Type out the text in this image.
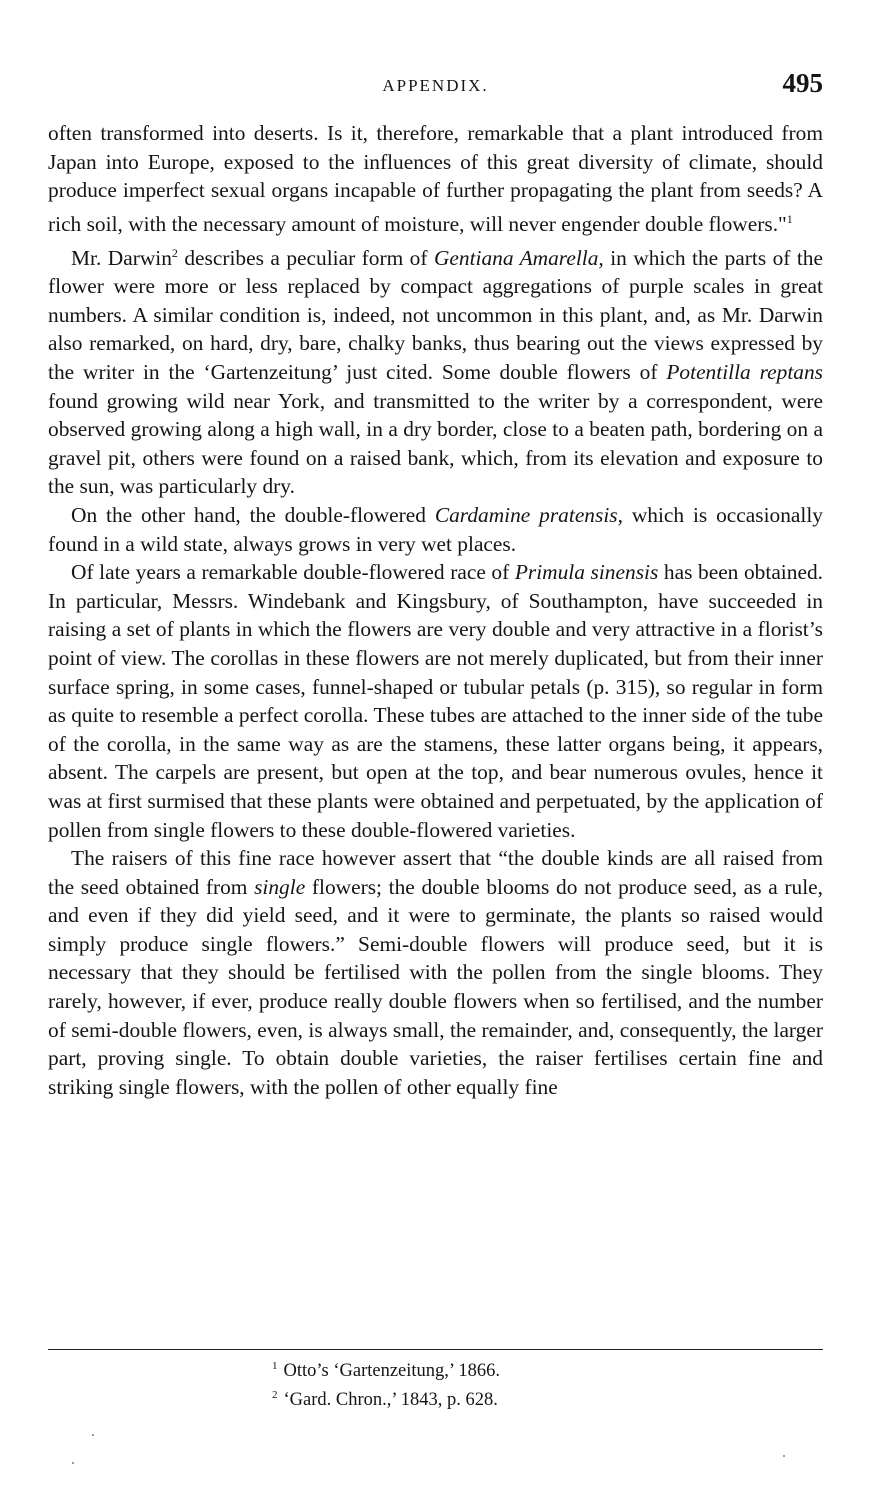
APPENDIX.	495

often transformed into deserts. Is it, therefore, remarkable that a plant introduced from Japan into Europe, exposed to the influences of this great diversity of climate, should produce imperfect sexual organs incapable of further propagating the plant from seeds? A rich soil, with the necessary amount of moisture, will never engender double flowers."$^1$

Mr. Darwin$^2$ describes a peculiar form of Gentiana Amarella, in which the parts of the flower were more or less replaced by compact aggregations of purple scales in great numbers. A similar condition is, indeed, not uncommon in this plant, and, as Mr. Darwin also remarked, on hard, dry, bare, chalky banks, thus bearing out the views expressed by the writer in the ‘Gartenzeitung’ just cited. Some double flowers of Potentilla reptans found growing wild near York, and transmitted to the writer by a correspondent, were observed growing along a high wall, in a dry border, close to a beaten path, bordering on a gravel pit, others were found on a raised bank, which, from its elevation and exposure to the sun, was particularly dry.

On the other hand, the double-flowered Cardamine pratensis, which is occasionally found in a wild state, always grows in very wet places.

Of late years a remarkable double-flowered race of Primula sinensis has been obtained. In particular, Messrs. Windebank and Kingsbury, of Southampton, have succeeded in raising a set of plants in which the flowers are very double and very attractive in a florist’s point of view. The corollas in these flowers are not merely duplicated, but from their inner surface spring, in some cases, funnel-shaped or tubular petals (p. 315), so regular in form as quite to resemble a perfect corolla. These tubes are attached to the inner side of the tube of the corolla, in the same way as are the stamens, these latter organs being, it appears, absent. The carpels are present, but open at the top, and bear numerous ovules, hence it was at first surmised that these plants were obtained and perpetuated, by the application of pollen from single flowers to these double-flowered varieties.

The raisers of this fine race however assert that “the double kinds are all raised from the seed obtained from single flowers; the double blooms do not produce seed, as a rule, and even if they did yield seed, and it were to germinate, the plants so raised would simply produce single flowers.” Semi-double flowers will produce seed, but it is necessary that they should be fertilised with the pollen from the single blooms. They rarely, however, if ever, produce really double flowers when so fertilised, and the number of semi-double flowers, even, is always small, the remainder, and, consequently, the larger part, proving single. To obtain double varieties, the raiser fertilises certain fine and striking single flowers, with the pollen of other equally fine

$^1$ Otto’s ‘Gartenzeitung,’ 1866.
$^2$ ‘Gard. Chron.,’ 1843, p. 628.
